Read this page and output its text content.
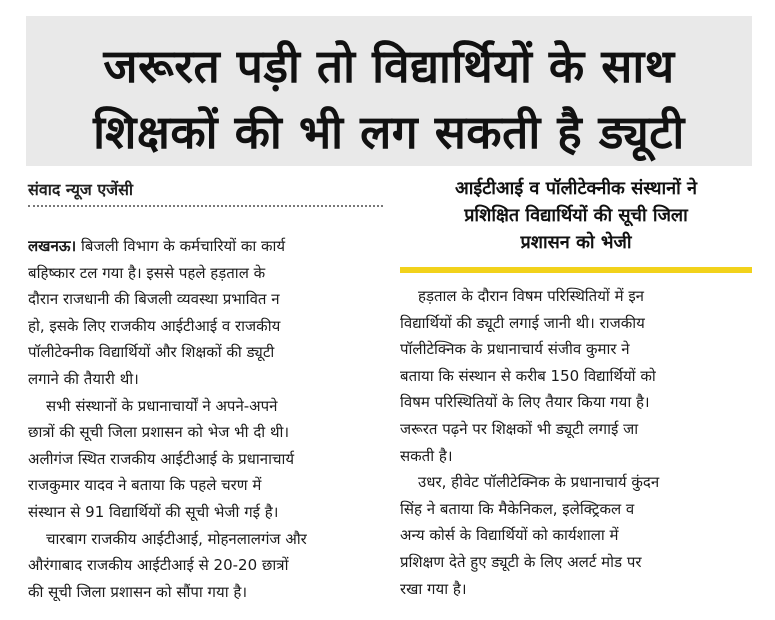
जरूरत पड़ी तो विद्यार्थियों के साथ
शिक्षकों की भी लग सकती है ड्यूटी
संवाद न्यूज एजेंसी	आईटीआई व पॉलीटेक्नीक संस्थानों ने
प्रशिक्षित विद्यार्थियों की सूची जिला
प्रशासन को भेजी

लखनऊ। बिजली विभाग के कर्मचारियों का कार्य
बहिष्कार टल गया है। इससे पहले हड़ताल के
दौरान राजधानी की बिजली व्यवस्था प्रभावित न
हो, इसके लिए राजकीय आईटीआई व राजकीय
पॉलीटेक्नीक विद्यार्थियों और शिक्षकों की ड्यूटी
लगाने की तैयारी थी।

सभी संस्थानों के प्रधानाचार्यों ने अपने-अपने
छात्रों की सूची जिला प्रशासन को भेज भी दी थी।
अलीगंज स्थित राजकीय आईटीआई के प्रधानाचार्य
राजकुमार यादव ने बताया कि पहले चरण में
संस्थान से 91 विद्यार्थियों की सूची भेजी गई है।

चारबाग राजकीय आईटीआई, मोहनलालगंज और
औरंगाबाद राजकीय आईटीआई से 20-20 छात्रों
की सूची जिला प्रशासन को सौंपा गया है।

हड़ताल के दौरान विषम परिस्थितियों में इन
विद्यार्थियों की ड्यूटी लगाई जानी थी। राजकीय
पॉलीटेक्निक के प्रधानाचार्य संजीव कुमार ने
बताया कि संस्थान से करीब 150 विद्यार्थियों को
विषम परिस्थितियों के लिए तैयार किया गया है।
जरूरत पढ़ने पर शिक्षकों भी ड्यूटी लगाई जा
सकती है।

उधर, हीवेट पॉलीटेक्निक के प्रधानाचार्य कुंदन
सिंह ने बताया कि मैकेनिकल, इलेक्ट्रिकल व
अन्य कोर्स के विद्यार्थियों को कार्यशाला में
प्रशिक्षण देते हुए ड्यूटी के लिए अलर्ट मोड पर
रखा गया है।
